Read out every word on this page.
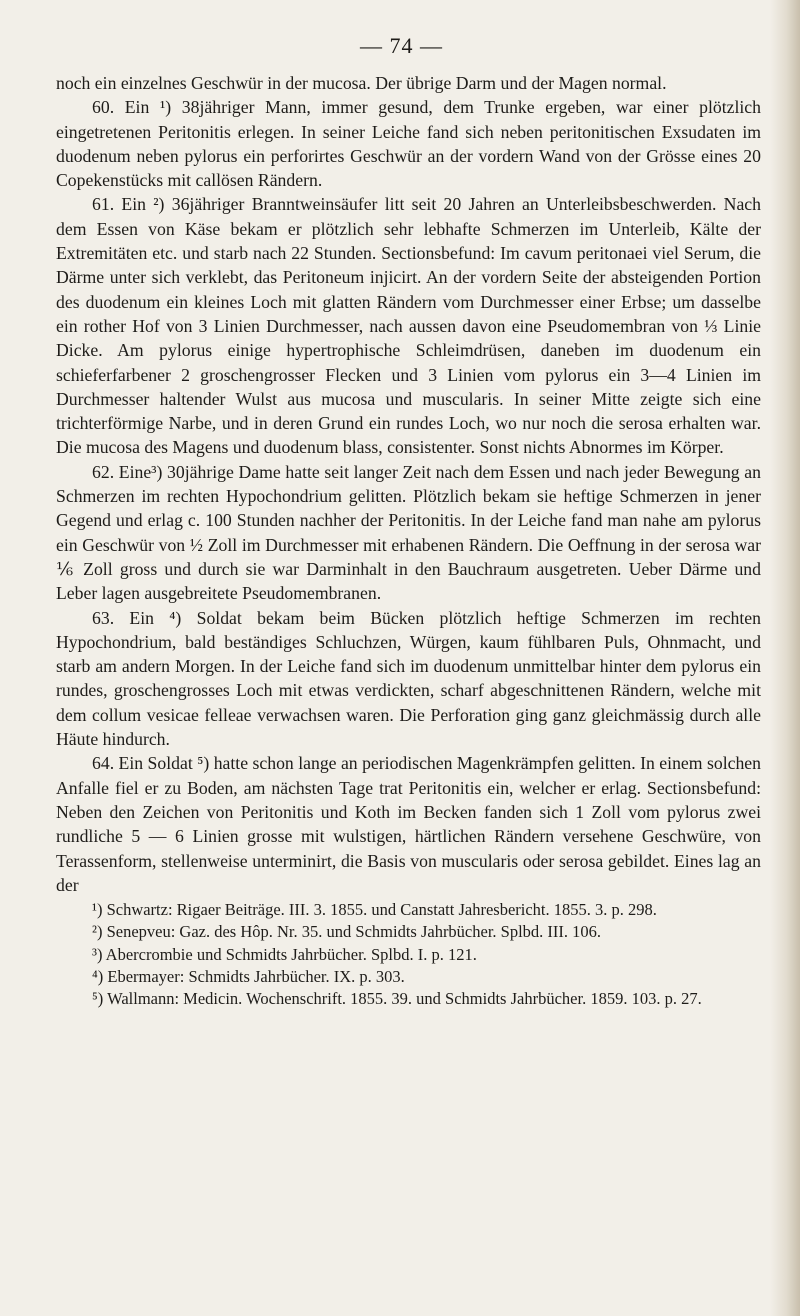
— 74 —

noch ein einzelnes Geschwür in der mucosa. Der übrige Darm und der Magen normal.

60. Ein ¹) 38jähriger Mann, immer gesund, dem Trunke ergeben, war einer plötzlich eingetretenen Peritonitis erlegen. In seiner Leiche fand sich neben peritonitischen Exsudaten im duodenum neben pylorus ein perforirtes Geschwür an der vordern Wand von der Grösse eines 20 Copekenstücks mit callösen Rändern.

61. Ein ²) 36jähriger Branntweinsäufer litt seit 20 Jahren an Unterleibsbeschwerden. Nach dem Essen von Käse bekam er plötzlich sehr lebhafte Schmerzen im Unterleib, Kälte der Extremitäten etc. und starb nach 22 Stunden. Sectionsbefund: Im cavum peritonaei viel Serum, die Därme unter sich verklebt, das Peritoneum injicirt. An der vordern Seite der absteigenden Portion des duodenum ein kleines Loch mit glatten Rändern vom Durchmesser einer Erbse; um dasselbe ein rother Hof von 3 Linien Durchmesser, nach aussen davon eine Pseudomembran von ⅓ Linie Dicke. Am pylorus einige hypertrophische Schleimdrüsen, daneben im duodenum ein schieferfarbener 2 groschengrosser Flecken und 3 Linien vom pylorus ein 3—4 Linien im Durchmesser haltender Wulst aus mucosa und muscularis. In seiner Mitte zeigte sich eine trichterförmige Narbe, und in deren Grund ein rundes Loch, wo nur noch die serosa erhalten war. Die mucosa des Magens und duodenum blass, consistenter. Sonst nichts Abnormes im Körper.

62. Eine³) 30jährige Dame hatte seit langer Zeit nach dem Essen und nach jeder Bewegung an Schmerzen im rechten Hypochondrium gelitten. Plötzlich bekam sie heftige Schmerzen in jener Gegend und erlag c. 100 Stunden nachher der Peritonitis. In der Leiche fand man nahe am pylorus ein Geschwür von ½ Zoll im Durchmesser mit erhabenen Rändern. Die Oeffnung in der serosa war ⅙ Zoll gross und durch sie war Darminhalt in den Bauchraum ausgetreten. Ueber Därme und Leber lagen ausgebreitete Pseudomembranen.

63. Ein ⁴) Soldat bekam beim Bücken plötzlich heftige Schmerzen im rechten Hypochondrium, bald beständiges Schluchzen, Würgen, kaum fühlbaren Puls, Ohnmacht, und starb am andern Morgen. In der Leiche fand sich im duodenum unmittelbar hinter dem pylorus ein rundes, groschengrosses Loch mit etwas verdickten, scharf abgeschnittenen Rändern, welche mit dem collum vesicae felleae verwachsen waren. Die Perforation ging ganz gleichmässig durch alle Häute hindurch.

64. Ein Soldat ⁵) hatte schon lange an periodischen Magenkrämpfen gelitten. In einem solchen Anfalle fiel er zu Boden, am nächsten Tage trat Peritonitis ein, welcher er erlag. Sectionsbefund: Neben den Zeichen von Peritonitis und Koth im Becken fanden sich 1 Zoll vom pylorus zwei rundliche 5 — 6 Linien grosse mit wulstigen, härtlichen Rändern versehene Geschwüre, von Terassenform, stellenweise unterminirt, die Basis von muscularis oder serosa gebildet. Eines lag an der

¹) Schwartz: Rigaer Beiträge. III. 3. 1855. und Canstatt Jahresbericht. 1855. 3. p. 298.

²) Senepveu: Gaz. des Hôp. Nr. 35. und Schmidts Jahrbücher. Splbd. III. 106.

³) Abercrombie und Schmidts Jahrbücher. Splbd. I. p. 121.

⁴) Ebermayer: Schmidts Jahrbücher. IX. p. 303.

⁵) Wallmann: Medicin. Wochenschrift. 1855. 39. und Schmidts Jahrbücher. 1859. 103. p. 27.
